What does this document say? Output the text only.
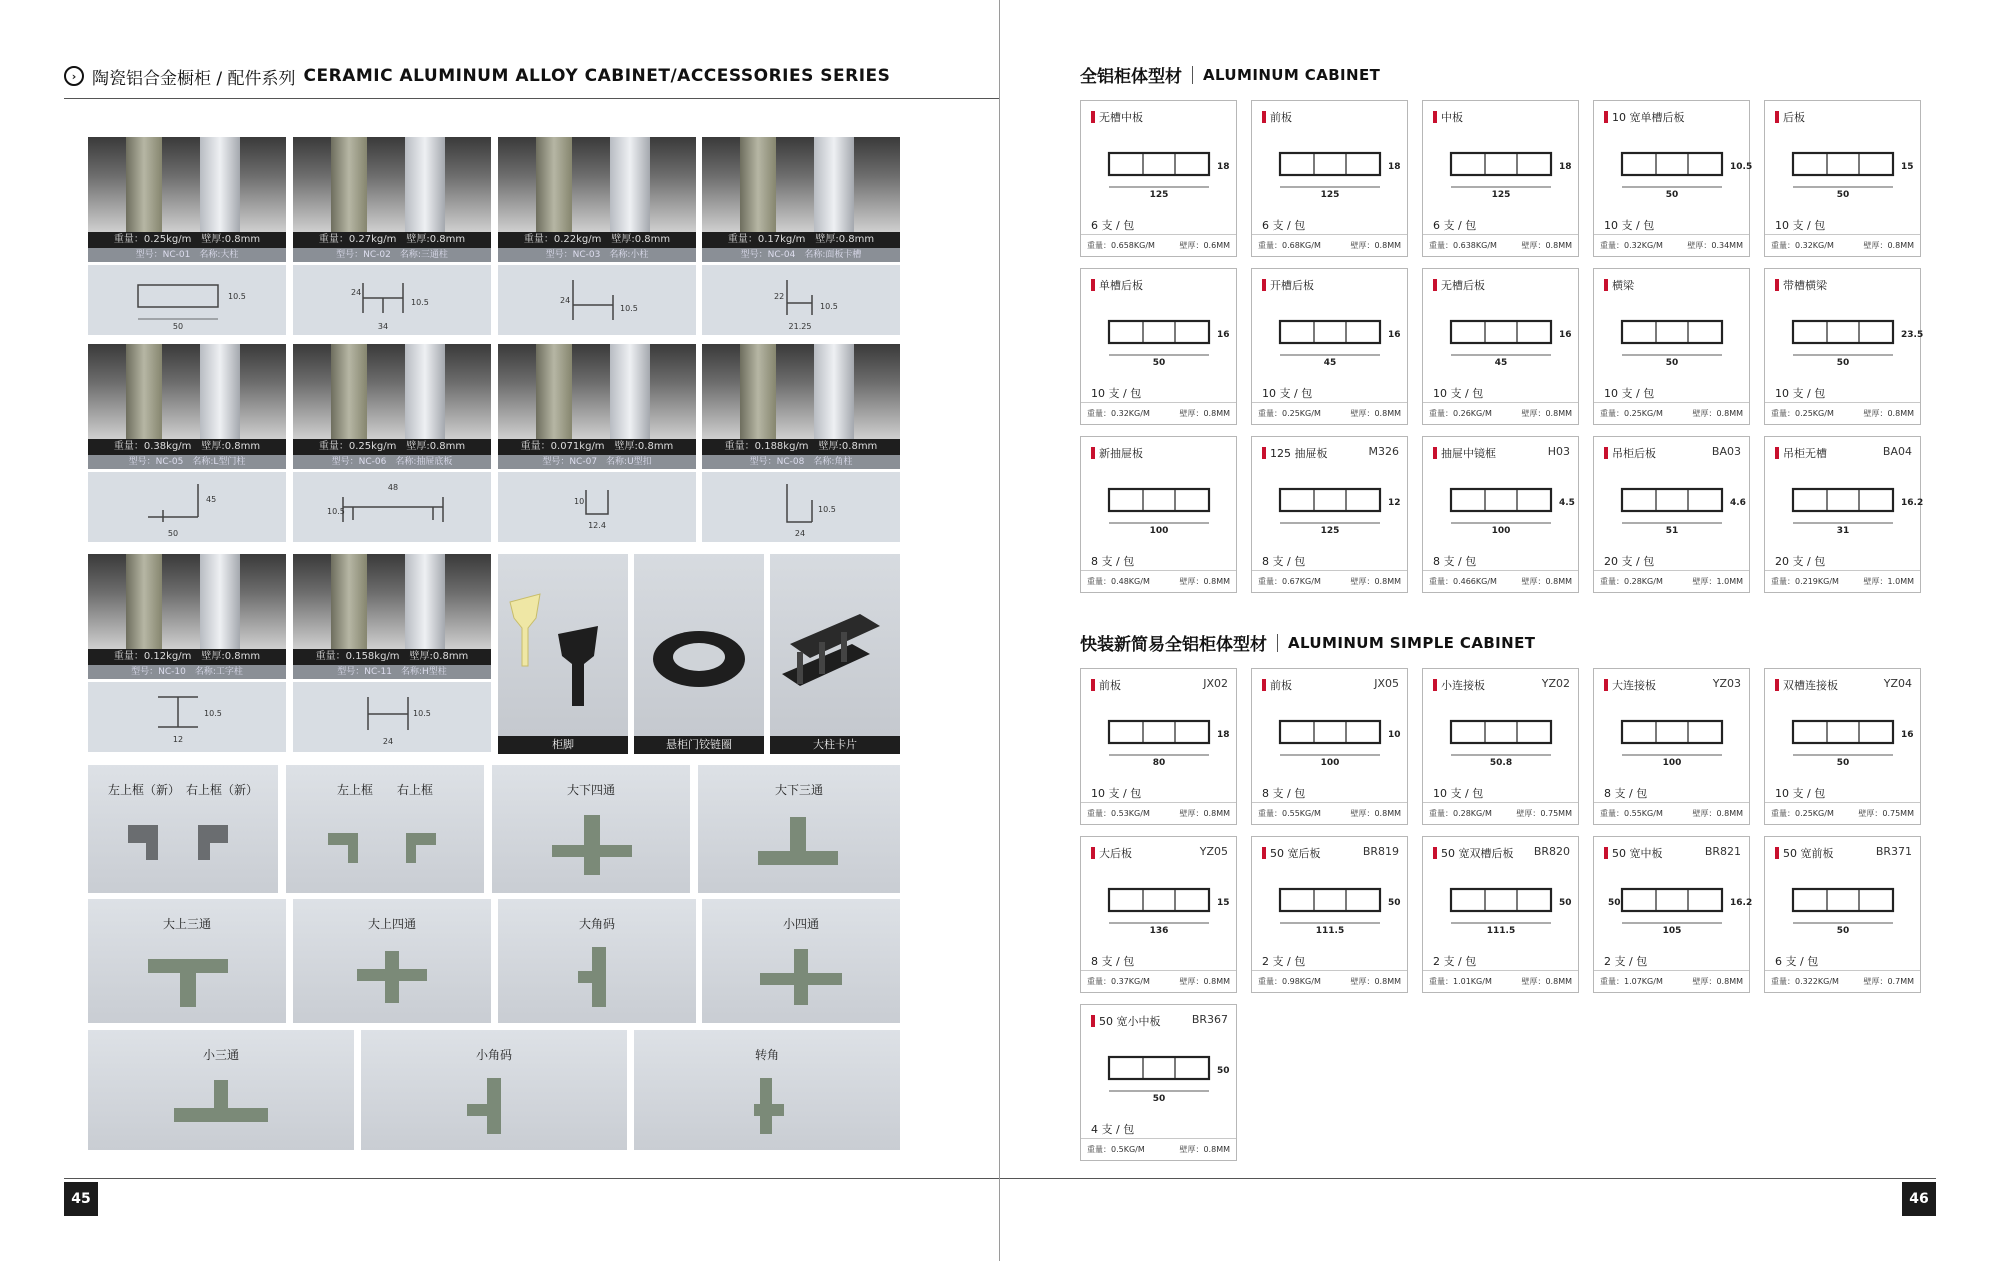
› 陶瓷铝合金橱柜 / 配件系列 CERAMIC ALUMINUM ALLOY CABINET/ACCESSORIES SERIES
重量：0.25kg/m　壁厚:0.8mm
型号：NC-01　名称:大柱
50
10.5
重量：0.27kg/m　壁厚:0.8mm
型号：NC-02　名称:三通柱
34
24
10.5
重量：0.22kg/m　壁厚:0.8mm
型号：NC-03　名称:小柱
24
10.5
重量：0.17kg/m　壁厚:0.8mm
型号：NC-04　名称:面板卡槽
21.25
22
10.5
重量：0.38kg/m　壁厚:0.8mm
型号：NC-05　名称:L型门柱
50
45
重量：0.25kg/m　壁厚:0.8mm
型号：NC-06　名称:抽屉底板
48
10.5
重量：0.071kg/m　壁厚:0.8mm
型号：NC-07　名称:U型扣
12.4
10
重量：0.188kg/m　壁厚:0.8mm
型号：NC-08　名称:角柱
24
10.5
重量：0.12kg/m　壁厚:0.8mm
型号：NC-10　名称:工字柱
12
10.5
重量：0.158kg/m　壁厚:0.8mm
型号：NC-11　名称:H型柱
24
10.5
柜脚	悬柜门铰链圈	大柱卡片
左上框（新）　右上框（新）	左上框　　右上框	大下四通	大下三通
大上三通	大上四通	大角码	小四通
小三通	小角码	转角
45
全铝柜体型材 ALUMINUM CABINET
无槽中板
125
18
6 支 / 包
重量：0.658KG/M	壁厚：0.6MM
前板
125
18
6 支 / 包
重量：0.68KG/M	壁厚：0.8MM
中板
125
18
6 支 / 包
重量：0.638KG/M	壁厚：0.8MM
10 宽单槽后板
50
10.5
10 支 / 包
重量：0.32KG/M	壁厚：0.34MM
后板
50
15
10 支 / 包
重量：0.32KG/M	壁厚：0.8MM
单槽后板
50
16
10 支 / 包
重量：0.32KG/M	壁厚：0.8MM
开槽后板
45
16
10 支 / 包
重量：0.25KG/M	壁厚：0.8MM
无槽后板
45
16
10 支 / 包
重量：0.26KG/M	壁厚：0.8MM
横梁
50
10 支 / 包
重量：0.25KG/M	壁厚：0.8MM
带槽横梁
50
23.5
10 支 / 包
重量：0.25KG/M	壁厚：0.8MM
新抽屉板
100
8 支 / 包
重量：0.48KG/M	壁厚：0.8MM
125 抽屉板	M326
125
12
8 支 / 包
重量：0.67KG/M	壁厚：0.8MM
抽屉中镜框	H03
100
4.5
8 支 / 包
重量：0.466KG/M	壁厚：0.8MM
吊柜后板	BA03
51
4.6
20 支 / 包
重量：0.28KG/M	壁厚：1.0MM
吊柜无槽	BA04
31
16.2
20 支 / 包
重量：0.219KG/M	壁厚：1.0MM
快装新简易全铝柜体型材 ALUMINUM SIMPLE CABINET
前板	JX02
80
18
10 支 / 包
重量：0.53KG/M	壁厚：0.8MM
前板	JX05
100
10
8 支 / 包
重量：0.55KG/M	壁厚：0.8MM
小连接板	YZ02
50.8
10 支 / 包
重量：0.28KG/M	壁厚：0.75MM
大连接板	YZ03
100
8 支 / 包
重量：0.55KG/M	壁厚：0.8MM
双槽连接板	YZ04
50
16
10 支 / 包
重量：0.25KG/M	壁厚：0.75MM
大后板	YZ05
136
15
8 支 / 包
重量：0.37KG/M	壁厚：0.8MM
50 宽后板	BR819
111.5
50
2 支 / 包
重量：0.98KG/M	壁厚：0.8MM
50 宽双槽后板 BR820
111.5
50
2 支 / 包
重量：1.01KG/M	壁厚：0.8MM
50 宽中板	BR821
105
16.2
50
2 支 / 包
重量：1.07KG/M	壁厚：0.8MM
50 宽前板	BR371
50
6 支 / 包
重量：0.322KG/M	壁厚：0.7MM
50 宽小中板	BR367
50
50
4 支 / 包
重量：0.5KG/M	壁厚：0.8MM
46
